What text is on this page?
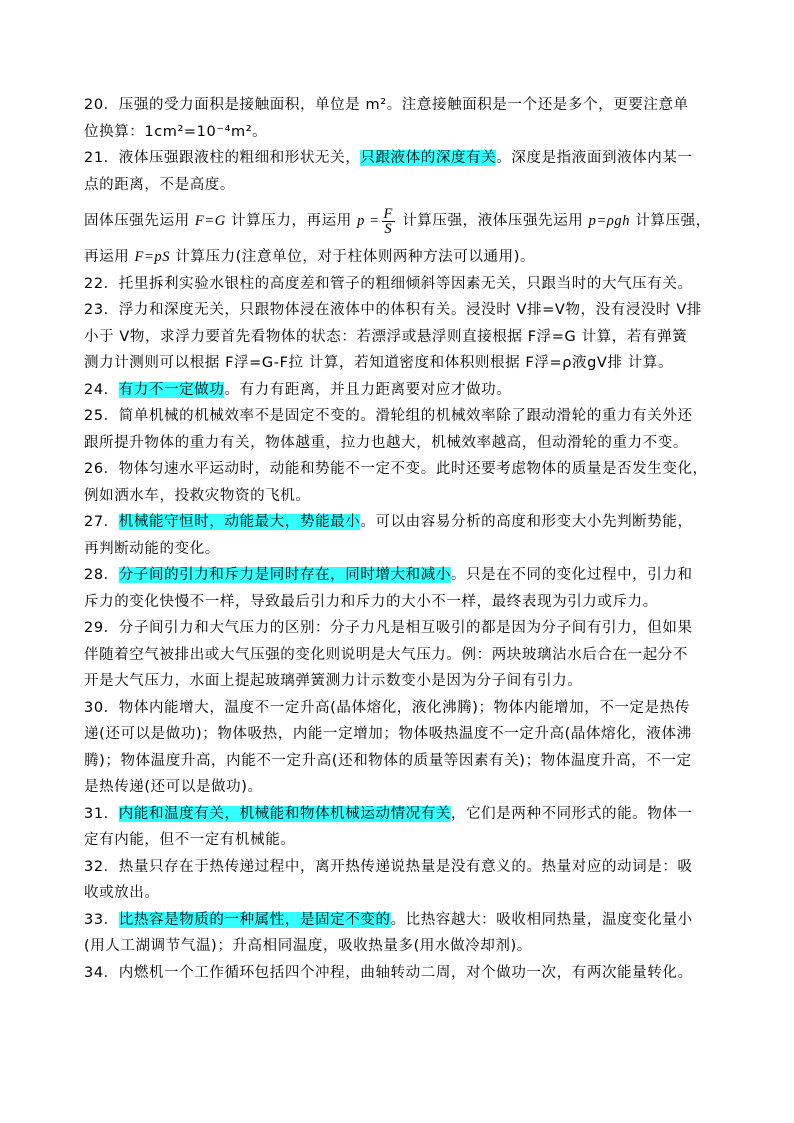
20．压强的受力面积是接触面积，单位是 m²。注意接触面积是一个还是多个，更要注意单
位换算：1cm²=10⁻⁴m²。
21．液体压强跟液柱的粗细和形状无关，只跟液体的深度有关。深度是指液面到液体内某一
点的距离，不是高度。
固体压强先运用 F=G 计算压力，再运用 $p = \frac{F}{S}$ 计算压强，液体压强先运用 p=ρgh 计算压强，
再运用 F=pS 计算压力(注意单位，对于柱体则两种方法可以通用)。
22．托里拆利实验水银柱的高度差和管子的粗细倾斜等因素无关，只跟当时的大气压有关。
23．浮力和深度无关，只跟物体浸在液体中的体积有关。浸没时 V排=V物，没有浸没时 V排
小于 V物，求浮力要首先看物体的状态：若漂浮或悬浮则直接根据 F浮=G 计算，若有弹簧
测力计测则可以根据 F浮=G-F拉 计算，若知道密度和体积则根据 F浮=ρ液gV排 计算。
24．有力不一定做功。有力有距离，并且力距离要对应才做功。
25．简单机械的机械效率不是固定不变的。滑轮组的机械效率除了跟动滑轮的重力有关外还
跟所提升物体的重力有关，物体越重，拉力也越大，机械效率越高，但动滑轮的重力不变。
26．物体匀速水平运动时，动能和势能不一定不变。此时还要考虑物体的质量是否发生变化，
例如洒水车，投救灾物资的飞机。
27．机械能守恒时，动能最大，势能最小。可以由容易分析的高度和形变大小先判断势能，
再判断动能的变化。
28．分子间的引力和斥力是同时存在，同时增大和减小。只是在不同的变化过程中，引力和
斥力的变化快慢不一样，导致最后引力和斥力的大小不一样，最终表现为引力或斥力。
29．分子间引力和大气压力的区别：分子力凡是相互吸引的都是因为分子间有引力，但如果
伴随着空气被排出或大气压强的变化则说明是大气压力。例：两块玻璃沾水后合在一起分不
开是大气压力，水面上提起玻璃弹簧测力计示数变小是因为分子间有引力。
30．物体内能增大，温度不一定升高(晶体熔化，液化沸腾)；物体内能增加，不一定是热传
递(还可以是做功)；物体吸热，内能一定增加；物体吸热温度不一定升高(晶体熔化，液体沸
腾)；物体温度升高，内能不一定升高(还和物体的质量等因素有关)；物体温度升高，不一定
是热传递(还可以是做功)。
31．内能和温度有关，机械能和物体机械运动情况有关，它们是两种不同形式的能。物体一
定有内能，但不一定有机械能。
32．热量只存在于热传递过程中，离开热传递说热量是没有意义的。热量对应的动词是：吸
收或放出。
33．比热容是物质的一种属性，是固定不变的。比热容越大：吸收相同热量，温度变化量小
(用人工湖调节气温)；升高相同温度，吸收热量多(用水做冷却剂)。
34．内燃机一个工作循环包括四个冲程，曲轴转动二周，对个做功一次，有两次能量转化。
